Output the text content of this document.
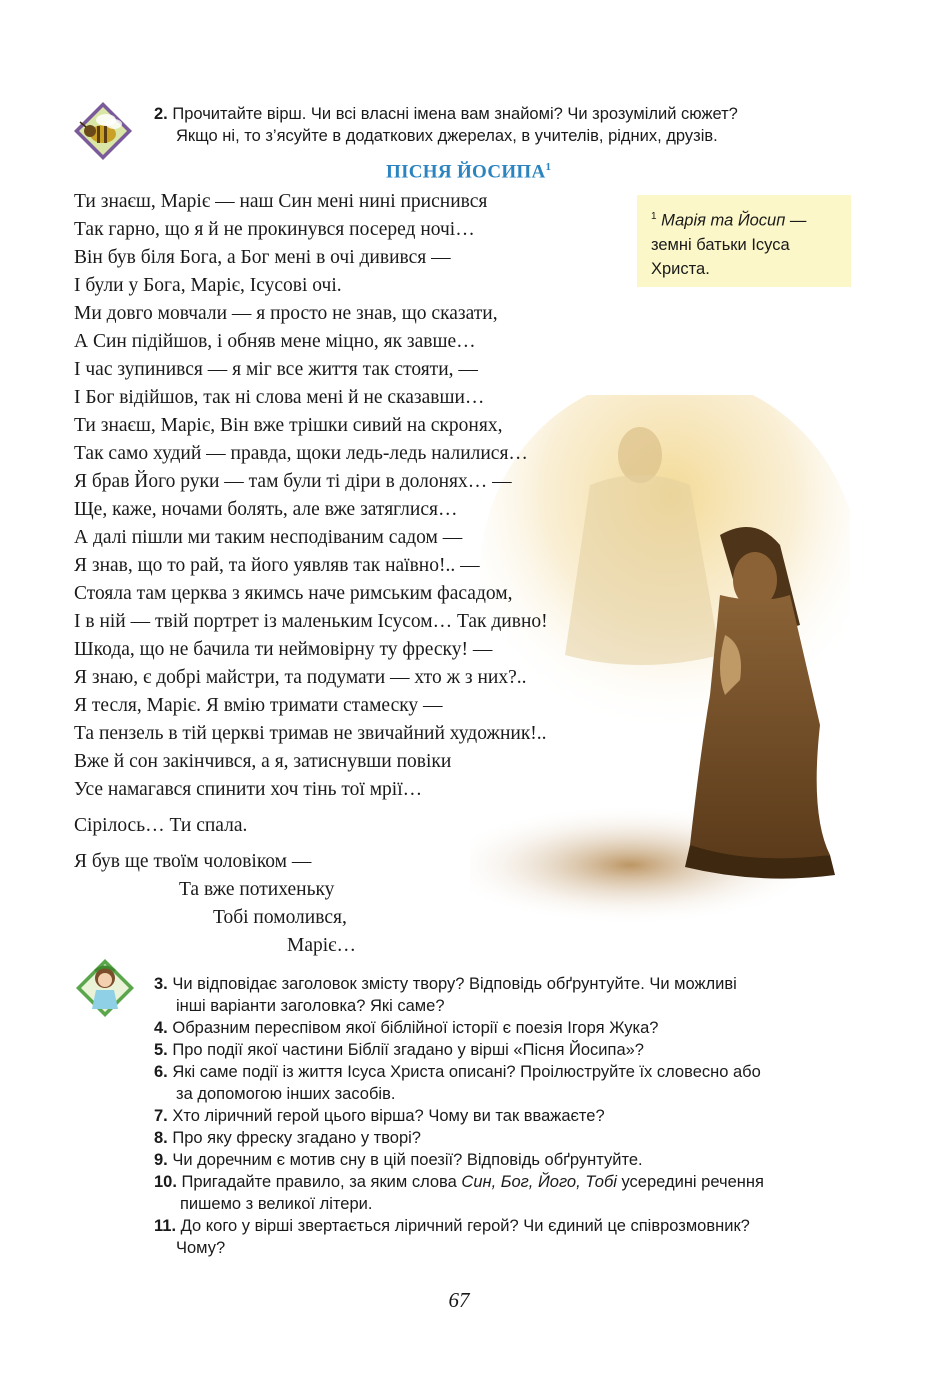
2. Прочитайте вірш. Чи всі власні імена вам знайомі? Чи зрозумілий сюжет?
Якщо ні, то з’ясуйте в додаткових джерелах, в учителів, рідних, друзів.
ПІСНЯ ЙОСИПА$^1$
$^1$ Марія та Йосип — земні батьки Ісуса Христа.
Ти знаєш, Маріє — наш Син мені нині приснився
Так гарно, що я й не прокинувся посеред ночі…
Він був біля Бога, а Бог мені в очі дивився —
І були у Бога, Маріє, Ісусові очі.
Ми довго мовчали — я просто не знав, що сказати,
А Син підійшов, і обняв мене міцно, як завше…
І час зупинився — я міг все життя так стояти, —
І Бог відійшов, так ні слова мені й не сказавши…
Ти знаєш, Маріє, Він вже трішки сивий на скронях,
Так само худий — правда, щоки ледь-ледь налилися…
Я брав Його руки — там були ті діри в долонях… —
Ще, каже, ночами болять, але вже затяглися…
А далі пішли ми таким несподіваним садом —
Я знав, що то рай, та його уявляв так наївно!.. —
Стояла там церква з якимсь наче римським фасадом,
І в ній — твій портрет із маленьким Ісусом… Так дивно!
Шкода, що не бачила ти неймовірну ту фреску! —
Я знаю, є добрі майстри, та подумати — хто ж з них?..
Я тесля, Маріє. Я вмію тримати стамеску —
Та пензель в тій церкві тримав не звичайний художник!..
Вже й сон закінчився, а я, затиснувши повіки
Усе намагався спинити хоч тінь тої мрії…
Сірілось… Ти спала.
Я був ще твоїм чоловіком —
Та вже потихеньку
Тобі помолився,
Маріє…
3. Чи відповідає заголовок змісту твору? Відповідь обґрунтуйте. Чи можливі
інші варіанти заголовка? Які саме?
4. Образним переспівом якої біблійної історії є поезія Ігоря Жука?
5. Про події якої частини Біблії згадано у вірші «Пісня Йосипа»?
6. Які саме події із життя Ісуса Христа описані? Проілюструйте їх словесно або
за допомогою інших засобів.
7. Хто ліричний герой цього вірша? Чому ви так вважаєте?
8. Про яку фреску згадано у творі?
9. Чи доречним є мотив сну в цій поезії? Відповідь обґрунтуйте.
10. Пригадайте правило, за яким слова Син, Бог, Його, Тобі усередині речення
пишемо з великої літери.
11. До кого у вірші звертається ліричний герой? Чи єдиний це співрозмовник?
Чому?
67
